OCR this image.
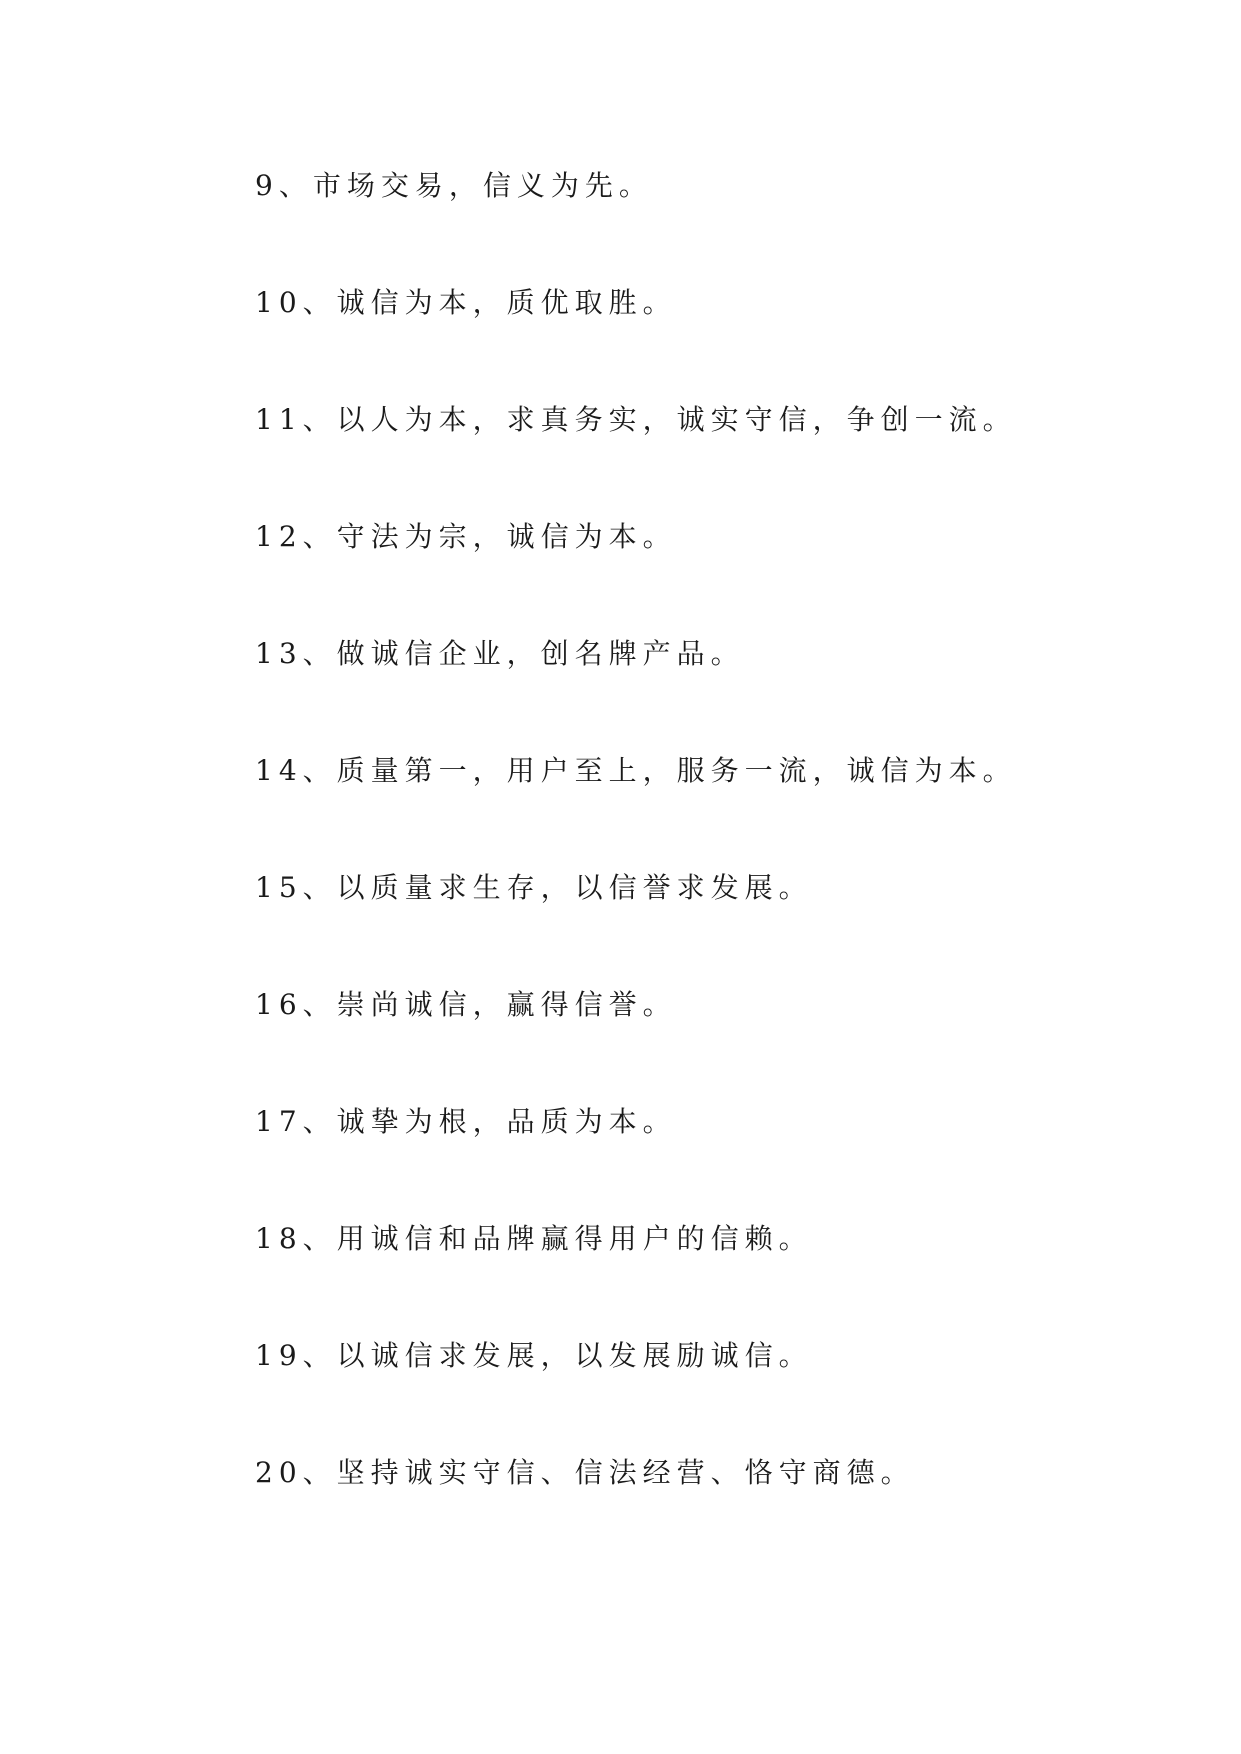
9、市场交易，信义为先。
10、诚信为本，质优取胜。
11、以人为本，求真务实，诚实守信，争创一流。
12、守法为宗，诚信为本。
13、做诚信企业，创名牌产品。
14、质量第一，用户至上，服务一流，诚信为本。
15、以质量求生存，以信誉求发展。
16、崇尚诚信，赢得信誉。
17、诚挚为根，品质为本。
18、用诚信和品牌赢得用户的信赖。
19、以诚信求发展，以发展励诚信。
20、坚持诚实守信、信法经营、恪守商德。
